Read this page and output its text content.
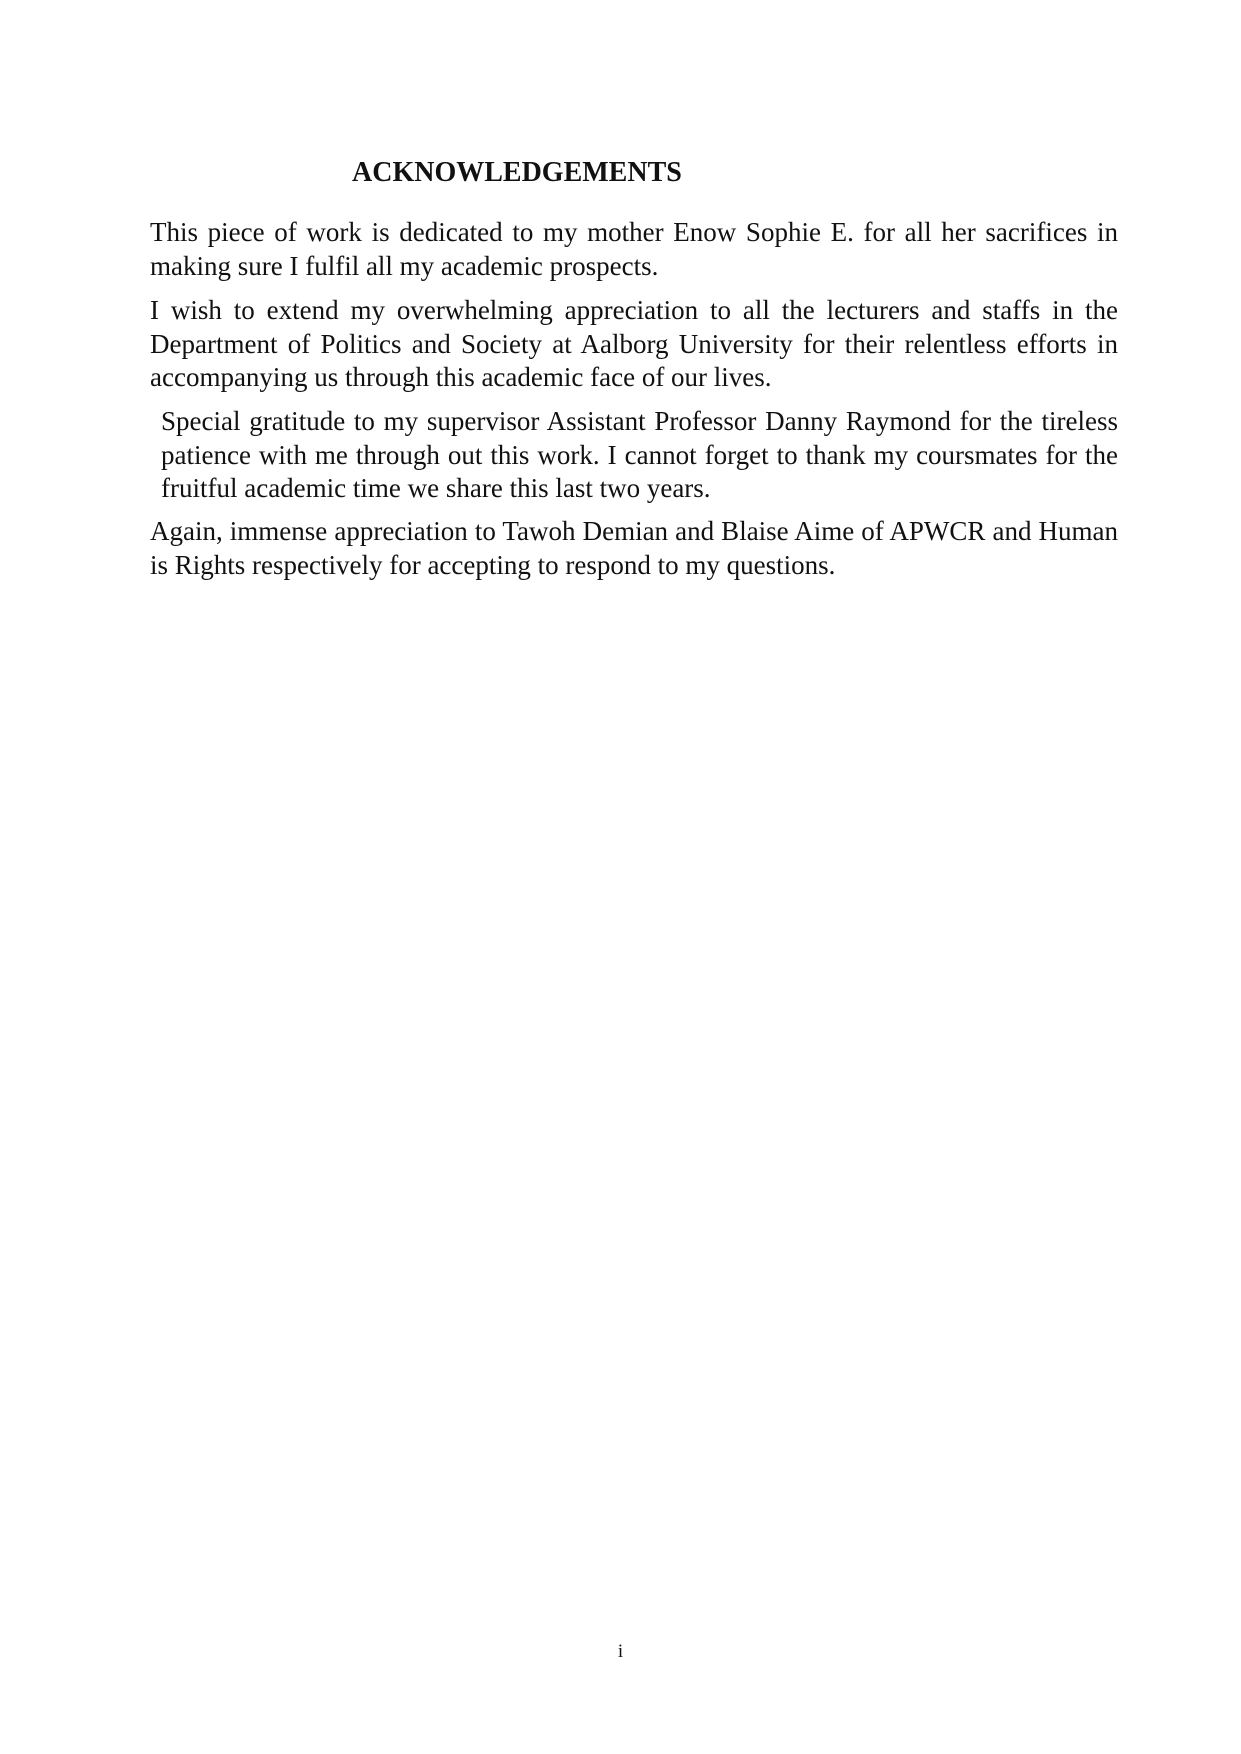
ACKNOWLEDGEMENTS

This piece of work is dedicated to my mother Enow Sophie E. for all her sacrifices in making sure I fulfil all my academic prospects.

I wish to extend my overwhelming appreciation to all the lecturers and staffs in the Department of Politics and Society at Aalborg University for their relentless efforts in accompanying us through this academic face of our lives.

Special gratitude to my supervisor Assistant Professor Danny Raymond for the tireless patience with me through out this work. I cannot forget to thank my coursmates for the fruitful academic time we share this last two years.

Again, immense appreciation to Tawoh Demian and Blaise Aime of APWCR and Human is Rights respectively for accepting to respond to my questions.

i
